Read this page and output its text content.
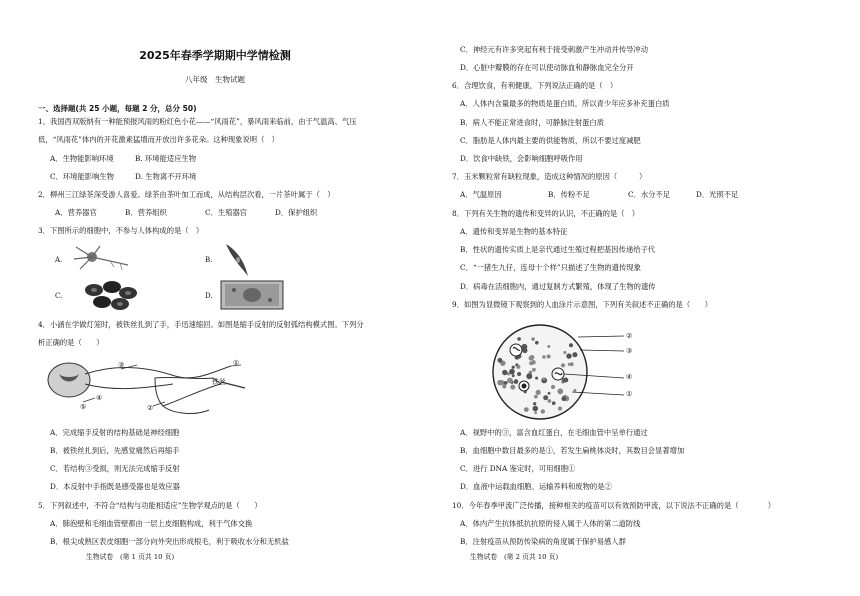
2025年春季学期期中学情检测
八年级　生物试题
一、选择题(共 25 小题，每题 2 分，总分 50)
1、我国西双版纳有一种能预报风雨的粉红色小花——“风雨花”，暴风雨来临前，由于气温高、气压
低，“风雨花”体内的开花激素猛增而开放出许多花朵。这种现象说明（　）
A．生物能影响环境	B. 环境能适应生物
C．环境能影响生物	D. 生物离不开环境
2．柳州三江绿茶深受游人喜爱。绿茶由茶叶加工而成，从结构层次看，一片茶叶属于（　）
A．营养器官	B．营养组织	C．生殖器官	D．保护组织
3．下图所示的细胞中，不参与人体构成的是（　）
A.	B.
C.	D.
4．小涵在学做灯笼时，被铁丝扎到了手，手迅速缩回。如图是缩手反射的反射弧结构模式图。下列分
析正确的是（　　）
③	①
④
⑤	②
铁丝
A．完成缩手反射的结构基础是神经细胞
B．被铁丝扎到后，先感觉痛然后再缩手
C．若结构③受损，则无法完成缩手反射
D．本反射中手指既是感受器也是效应器
5．下列叙述中，不符合“结构与功能相适应”生物学观点的是（　　）
A．肺泡壁和毛细血管壁都由一层上皮细胞构成，利于气体交换
B．根尖成熟区表皮细胞一部分向外突出形成根毛，利于吸收水分和无机盐
生物试卷　(第 1 页共 10 页)
C．神经元有许多突起有利于接受刺激产生冲动并传导冲动
D．心脏中瓣膜的存在可以使动脉血和静脉血完全分开
6．合理饮食，有利健康，下列说法正确的是（　）
A．人体内含量最多的物质是蛋白质，所以青少年应多补充蛋白质
B．病人不能正常进食时，可静脉注射蛋白质
C．脂肪是人体内最主要的供能物质，所以不要过度减肥
D．饮食中缺铁，会影响细胞呼吸作用
7．玉米颗粒常有缺粒现象，造成这种情况的原因（　　　）
A．气温原因	B．传粉不足	C．水分不足	D．光照不足
8．下列有关生物的遗传和变异的认识，不正确的是（　）
A．遗传和变异是生物的基本特征
B．性状的遗传实质上是亲代通过生殖过程把基因传递给子代
C．“一猪生九仔，连母十个样”只描述了生物的遗传现象
D．病毒在活细胞内，通过复制方式繁殖，体现了生物的遗传
9．如图为显微镜下观察到的人血涂片示意图，下列有关叙述不正确的是（　　）
②
③
④
①
A．视野中的③，富含血红蛋白，在毛细血管中呈单行通过
B．血细胞中数目最多的是①，若发生扁桃体炎时，其数目会显著增加
C．进行 DNA 鉴定时，可用细胞①
D．血液中运载血细胞、运输养料和废物的是②
10．今年春季甲流广泛传播，接种相关的疫苗可以有效预防甲流，以下说法不正确的是（　　　　）
A．体内产生抗体抵抗抗原的侵入属于人体的第二道防线
B．注射疫苗从预防传染病的角度属于保护易感人群
生物试卷　(第 2 页共 10 页)
